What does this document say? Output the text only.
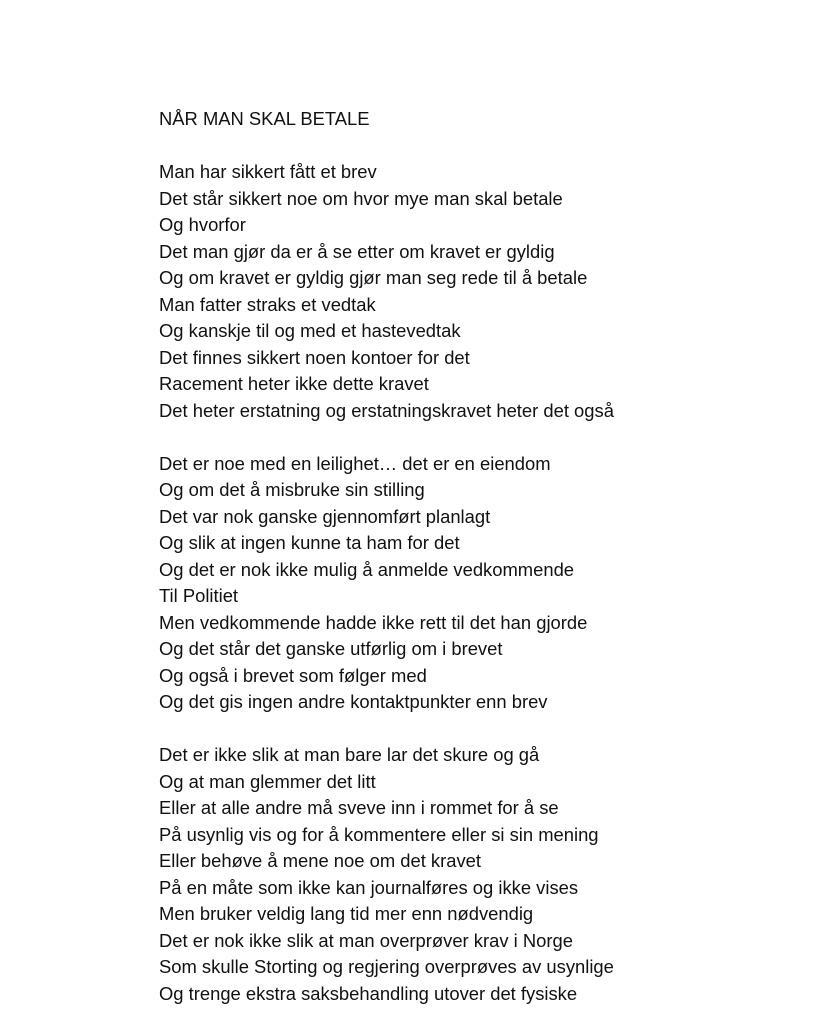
NÅR MAN SKAL BETALE
Man har sikkert fått et brev
Det står sikkert noe om hvor mye man skal betale
Og hvorfor
Det man gjør da er å se etter om kravet er gyldig
Og om kravet er gyldig gjør man seg rede til å betale
Man fatter straks et vedtak
Og kanskje til og med et hastevedtak
Det finnes sikkert noen kontoer for det
Racement heter ikke dette kravet
Det heter erstatning og erstatningskravet heter det også
Det er noe med en leilighet… det er en eiendom
Og om det å misbruke sin stilling
Det var nok ganske gjennomført planlagt
Og slik at ingen kunne ta ham for det
Og det er nok ikke mulig å anmelde vedkommende
Til Politiet
Men vedkommende hadde ikke rett til det han gjorde
Og det står det ganske utførlig om i brevet
Og også i brevet som følger med
Og det gis ingen andre kontaktpunkter enn brev
Det er ikke slik at man bare lar det skure og gå
Og at man glemmer det litt
Eller at alle andre må sveve inn i rommet for å se
På usynlig vis og for å kommentere eller si sin mening
Eller behøve å mene noe om det kravet
På en måte som ikke kan journalføres og ikke vises
Men bruker veldig lang tid mer enn nødvendig
Det er nok ikke slik at man overprøver krav i Norge
Som skulle Storting og regjering overprøves av usynlige
Og trenge ekstra saksbehandling utover det fysiske
